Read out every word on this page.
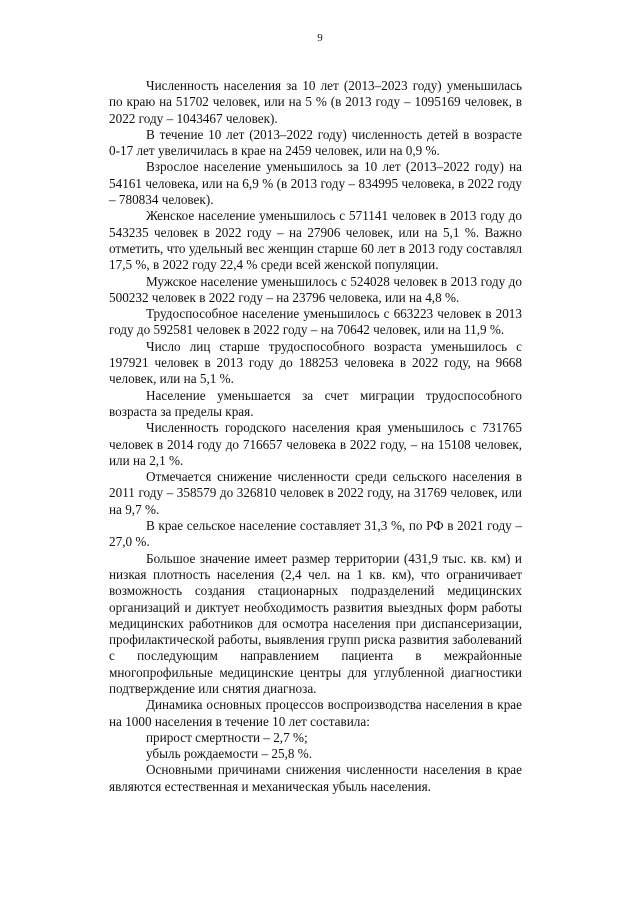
9

Численность населения за 10 лет (2013–2023 году) уменьшилась по краю на 51702 человек, или на 5 % (в 2013 году – 1095169 человек, в 2022 году – 1043467 человек).

В течение 10 лет (2013–2022 году) численность детей в возрасте 0-17 лет увеличилась в крае на 2459 человек, или на 0,9 %.

Взрослое население уменьшилось за 10 лет (2013–2022 году) на 54161 человека, или на 6,9 % (в 2013 году – 834995 человека, в 2022 году – 780834 человек).

Женское население уменьшилось с 571141 человек в 2013 году до 543235 человек в 2022 году – на 27906 человек, или на 5,1 %. Важно отметить, что удельный вес женщин старше 60 лет в 2013 году составлял 17,5 %, в 2022 году 22,4 % среди всей женской популяции.

Мужское население уменьшилось с 524028 человек в 2013 году до 500232 человек в 2022 году – на 23796 человека, или на 4,8 %.

Трудоспособное население уменьшилось с 663223 человек в 2013 году до 592581 человек в 2022 году – на 70642 человек, или на 11,9 %.

Число лиц старше трудоспособного возраста уменьшилось с 197921 человек в 2013 году до 188253 человека в 2022 году, на 9668 человек, или на 5,1 %.

Население уменьшается за счет миграции трудоспособного возраста за пределы края.

Численность городского населения края уменьшилось с 731765 человек в 2014 году до 716657 человека в 2022 году, – на 15108 человек, или на 2,1 %.

Отмечается снижение численности среди сельского населения в 2011 году – 358579 до 326810 человек в 2022 году, на 31769 человек, или на 9,7 %.

В крае сельское население составляет 31,3 %, по РФ в 2021 году – 27,0 %.

Большое значение имеет размер территории (431,9 тыс. кв. км) и низкая плотность населения (2,4 чел. на 1 кв. км), что ограничивает возможность создания стационарных подразделений медицинских организаций и диктует необходимость развития выездных форм работы медицинских работников для осмотра населения при диспансеризации, профилактической работы, выявления групп риска развития заболеваний с последующим направлением пациента в межрайонные многопрофильные медицинские центры для углубленной диагностики подтверждение или снятия диагноза.

Динамика основных процессов воспроизводства населения в крае на 1000 населения в течение 10 лет составила:

прирост смертности – 2,7 %;

убыль рождаемости – 25,8 %.

Основными причинами снижения численности населения в крае являются естественная и механическая убыль населения.
